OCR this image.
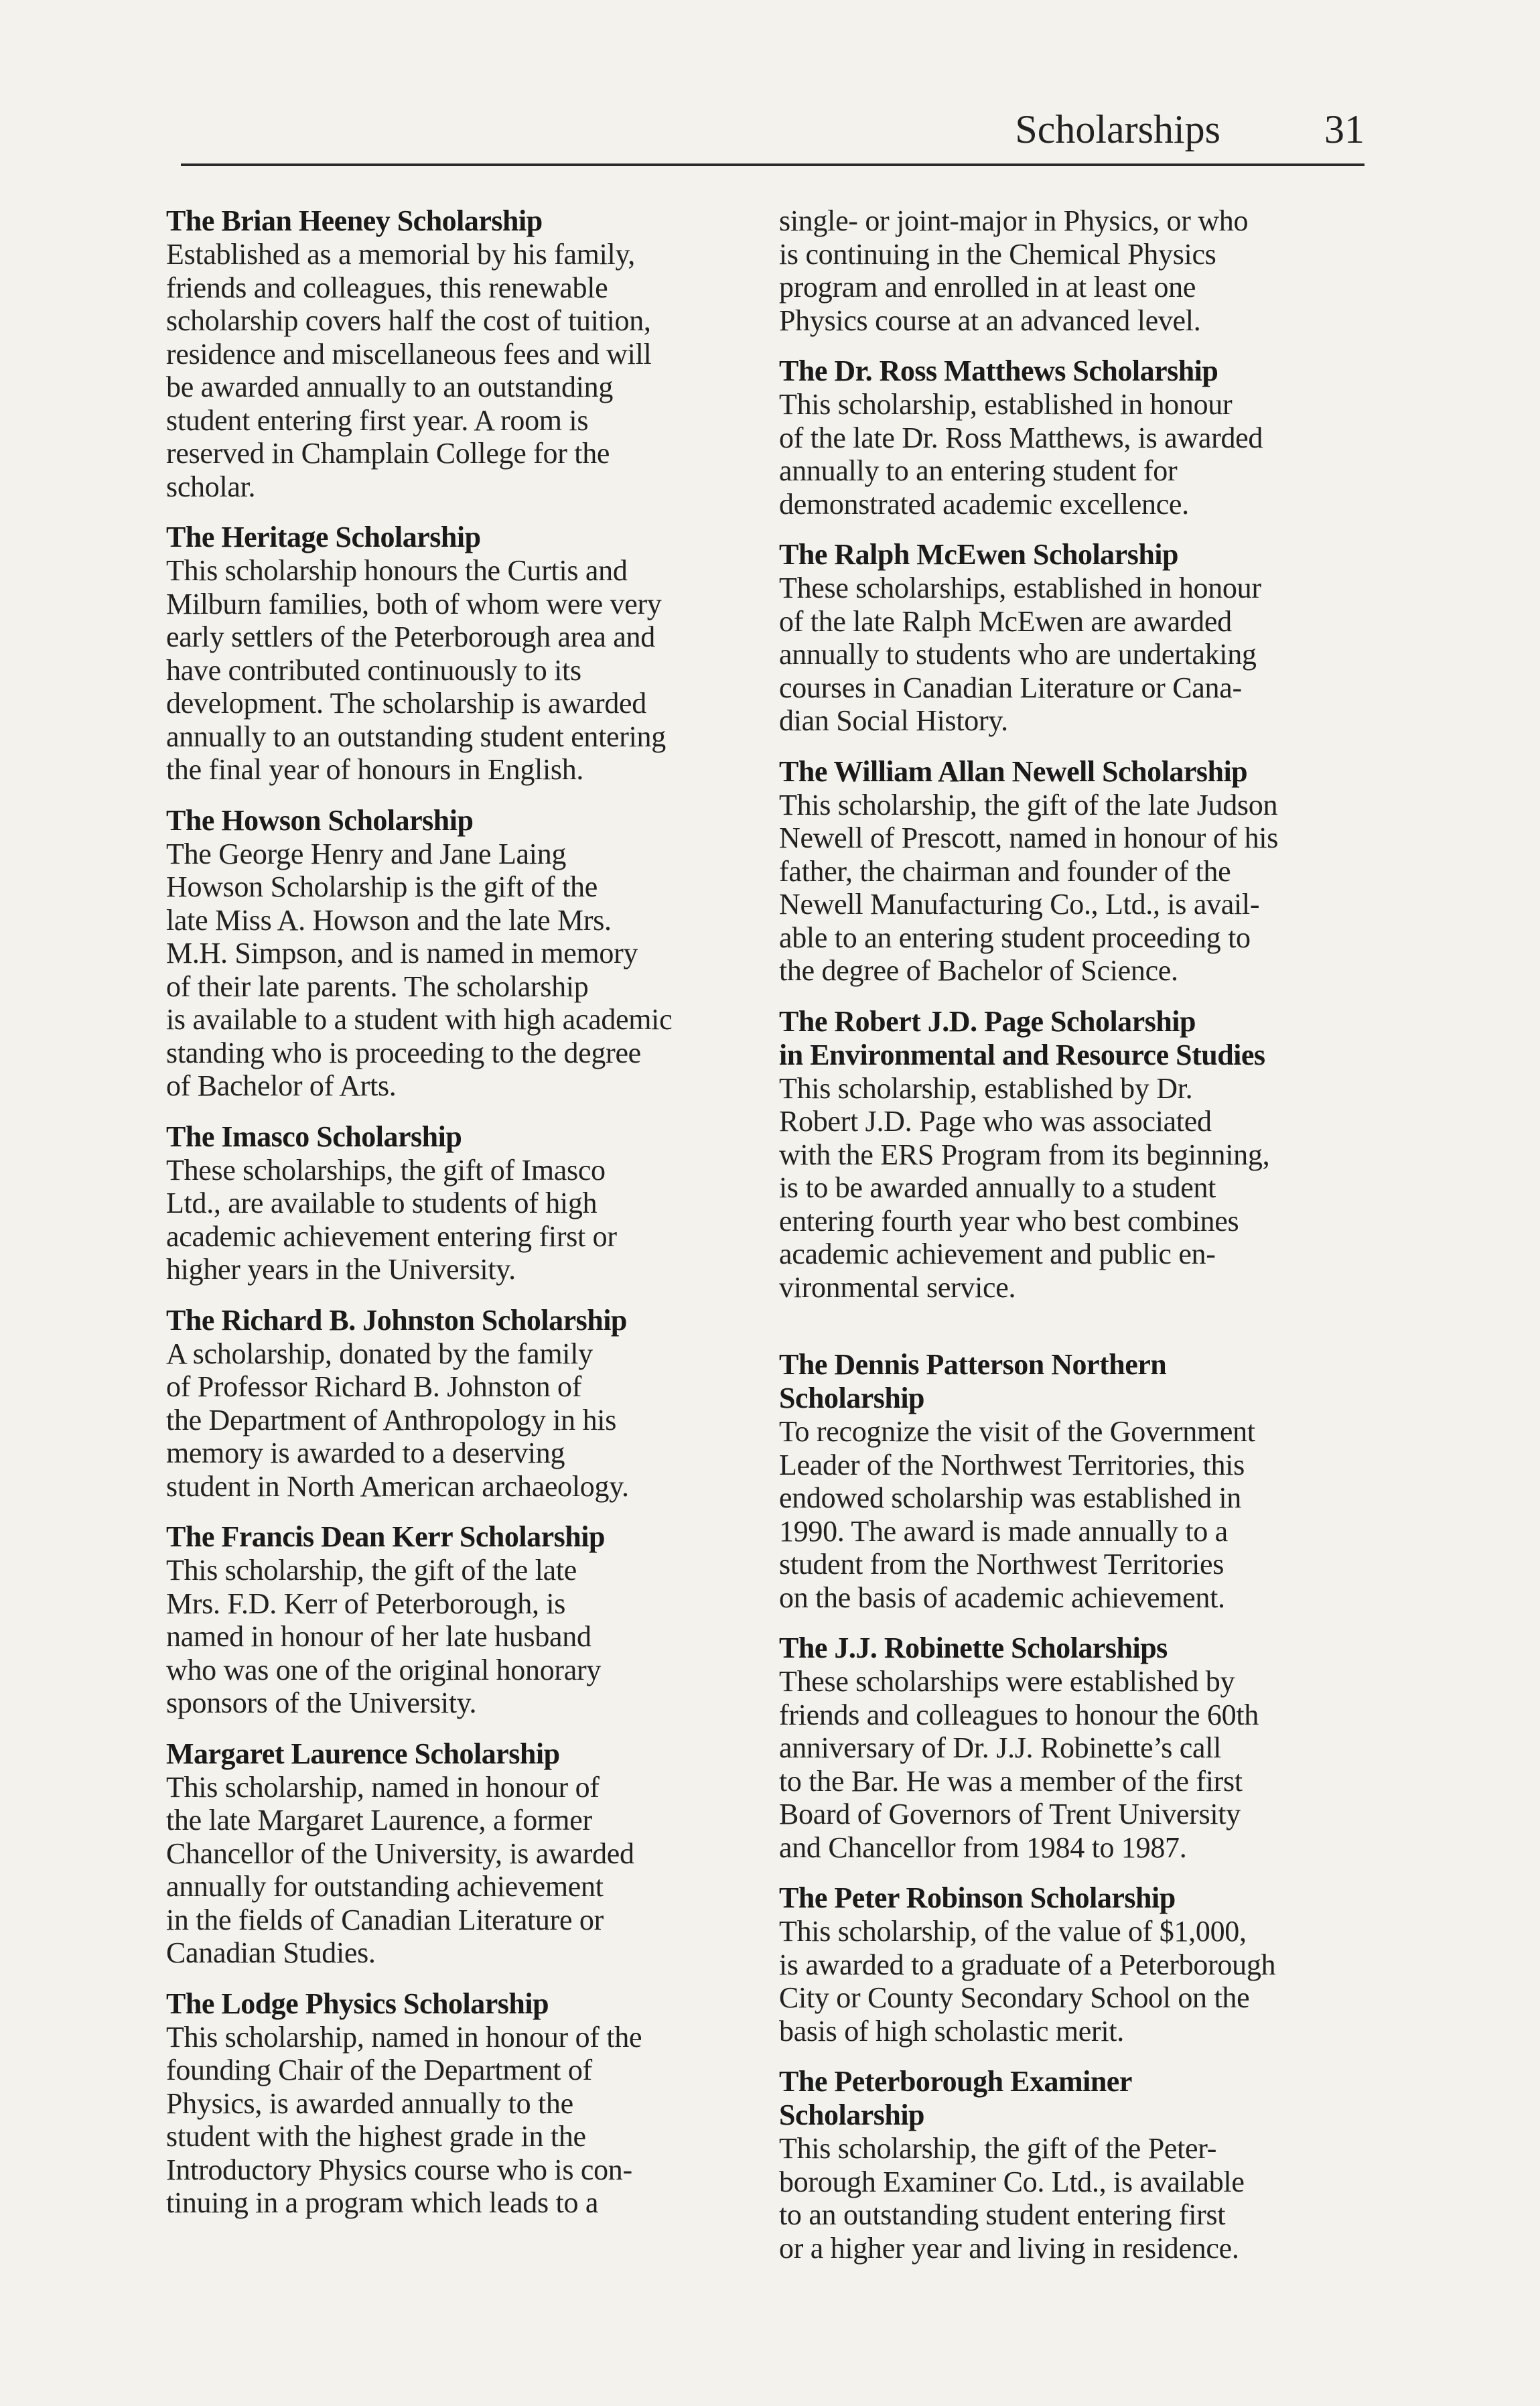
Scholarships	31
The Brian Heeney Scholarship
Established as a memorial by his family,
friends and colleagues, this renewable
scholarship covers half the cost of tuition,
residence and miscellaneous fees and will
be awarded annually to an outstanding
student entering first year. A room is
reserved in Champlain College for the
scholar.
The Heritage Scholarship
This scholarship honours the Curtis and
Milburn families, both of whom were very
early settlers of the Peterborough area and
have contributed continuously to its
development. The scholarship is awarded
annually to an outstanding student entering
the final year of honours in English.
The Howson Scholarship
The George Henry and Jane Laing
Howson Scholarship is the gift of the
late Miss A. Howson and the late Mrs.
M.H. Simpson, and is named in memory
of their late parents. The scholarship
is available to a student with high academic
standing who is proceeding to the degree
of Bachelor of Arts.
The Imasco Scholarship
These scholarships, the gift of Imasco
Ltd., are available to students of high
academic achievement entering first or
higher years in the University.
The Richard B. Johnston Scholarship
A scholarship, donated by the family
of Professor Richard B. Johnston of
the Department of Anthropology in his
memory is awarded to a deserving
student in North American archaeology.
The Francis Dean Kerr Scholarship
This scholarship, the gift of the late
Mrs. F.D. Kerr of Peterborough, is
named in honour of her late husband
who was one of the original honorary
sponsors of the University.
Margaret Laurence Scholarship
This scholarship, named in honour of
the late Margaret Laurence, a former
Chancellor of the University, is awarded
annually for outstanding achievement
in the fields of Canadian Literature or
Canadian Studies.
The Lodge Physics Scholarship
This scholarship, named in honour of the
founding Chair of the Department of
Physics, is awarded annually to the
student with the highest grade in the
Introductory Physics course who is con-
tinuing in a program which leads to a
single- or joint-major in Physics, or who
is continuing in the Chemical Physics
program and enrolled in at least one
Physics course at an advanced level.
The Dr. Ross Matthews Scholarship
This scholarship, established in honour
of the late Dr. Ross Matthews, is awarded
annually to an entering student for
demonstrated academic excellence.
The Ralph McEwen Scholarship
These scholarships, established in honour
of the late Ralph McEwen are awarded
annually to students who are undertaking
courses in Canadian Literature or Cana-
dian Social History.
The William Allan Newell Scholarship
This scholarship, the gift of the late Judson
Newell of Prescott, named in honour of his
father, the chairman and founder of the
Newell Manufacturing Co., Ltd., is avail-
able to an entering student proceeding to
the degree of Bachelor of Science.
The Robert J.D. Page Scholarship
in Environmental and Resource Studies
This scholarship, established by Dr.
Robert J.D. Page who was associated
with the ERS Program from its beginning,
is to be awarded annually to a student
entering fourth year who best combines
academic achievement and public en-
vironmental service.
The Dennis Patterson Northern
Scholarship
To recognize the visit of the Government
Leader of the Northwest Territories, this
endowed scholarship was established in
1990. The award is made annually to a
student from the Northwest Territories
on the basis of academic achievement.
The J.J. Robinette Scholarships
These scholarships were established by
friends and colleagues to honour the 60th
anniversary of Dr. J.J. Robinette’s call
to the Bar. He was a member of the first
Board of Governors of Trent University
and Chancellor from 1984 to 1987.
The Peter Robinson Scholarship
This scholarship, of the value of $1,000,
is awarded to a graduate of a Peterborough
City or County Secondary School on the
basis of high scholastic merit.
The Peterborough Examiner
Scholarship
This scholarship, the gift of the Peter-
borough Examiner Co. Ltd., is available
to an outstanding student entering first
or a higher year and living in residence.
